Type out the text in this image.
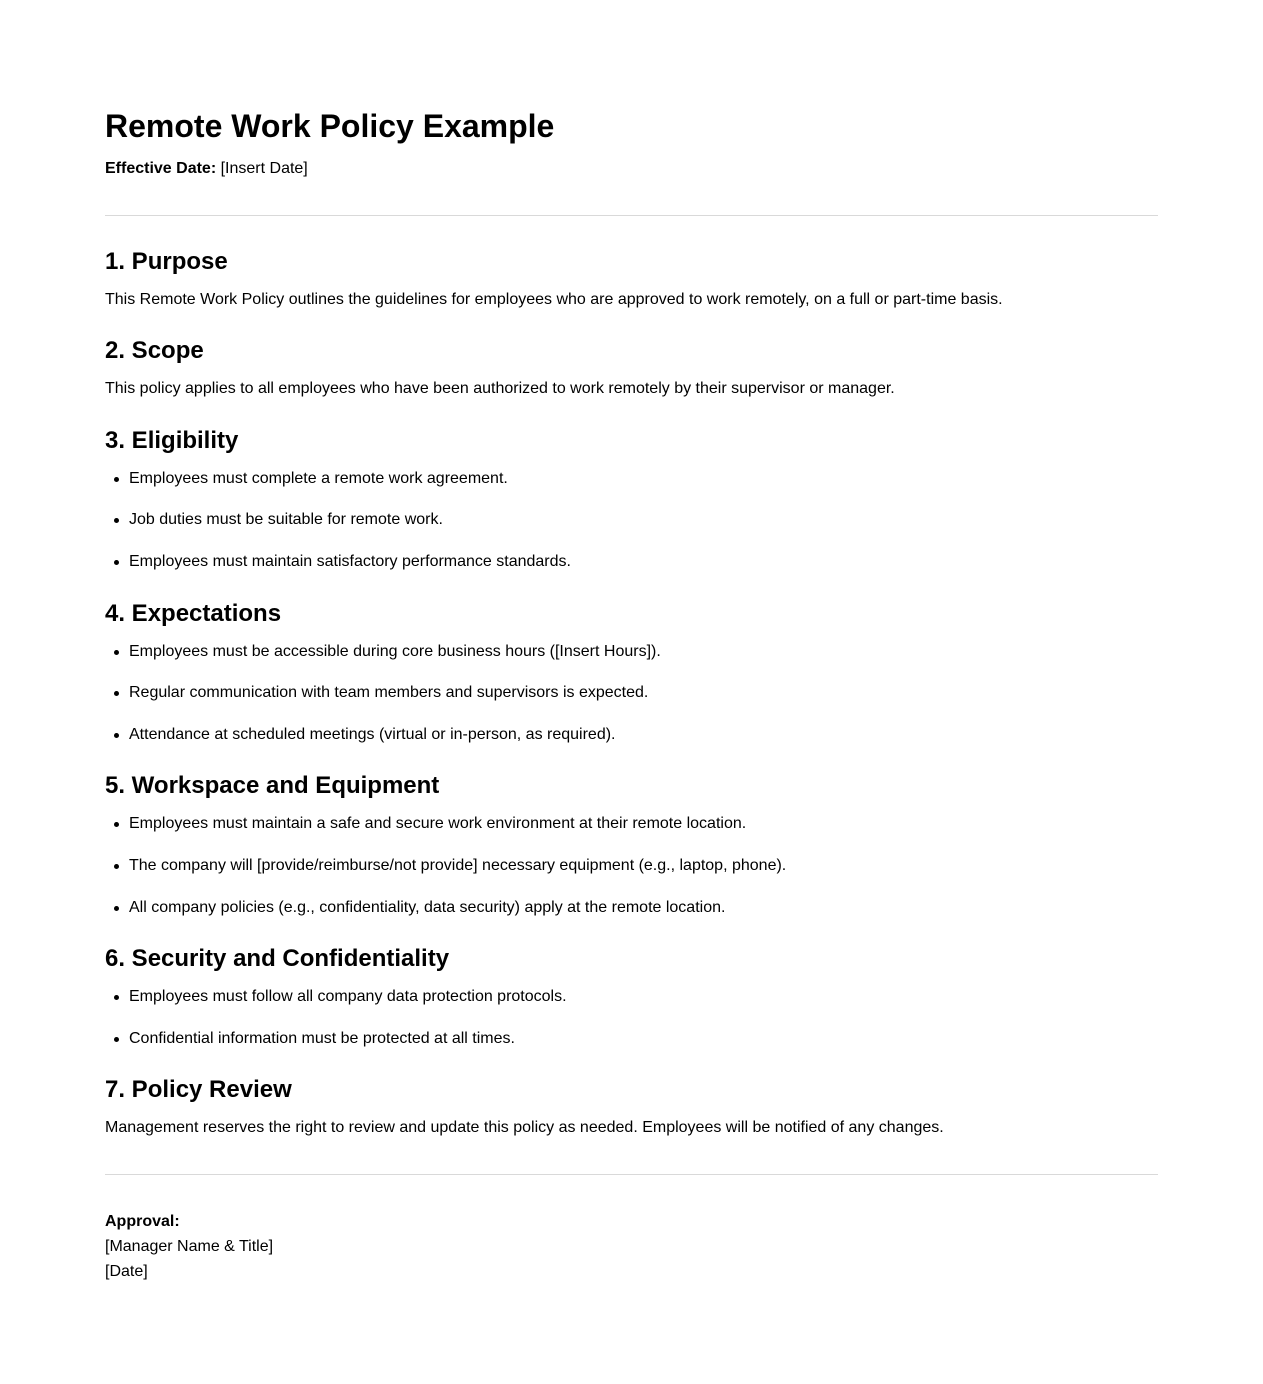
Remote Work Policy Example

Effective Date: [Insert Date]

1. Purpose

This Remote Work Policy outlines the guidelines for employees who are approved to work remotely, on a full or part-time basis.

2. Scope

This policy applies to all employees who have been authorized to work remotely by their supervisor or manager.

3. Eligibility
Employees must complete a remote work agreement.
Job duties must be suitable for remote work.
Employees must maintain satisfactory performance standards.
4. Expectations
Employees must be accessible during core business hours ([Insert Hours]).
Regular communication with team members and supervisors is expected.
Attendance at scheduled meetings (virtual or in-person, as required).
5. Workspace and Equipment
Employees must maintain a safe and secure work environment at their remote location.
The company will [provide/reimburse/not provide] necessary equipment (e.g., laptop, phone).
All company policies (e.g., confidentiality, data security) apply at the remote location.
6. Security and Confidentiality
Employees must follow all company data protection protocols.
Confidential information must be protected at all times.
7. Policy Review

Management reserves the right to review and update this policy as needed. Employees will be notified of any changes.

Approval:
[Manager Name & Title]
[Date]
